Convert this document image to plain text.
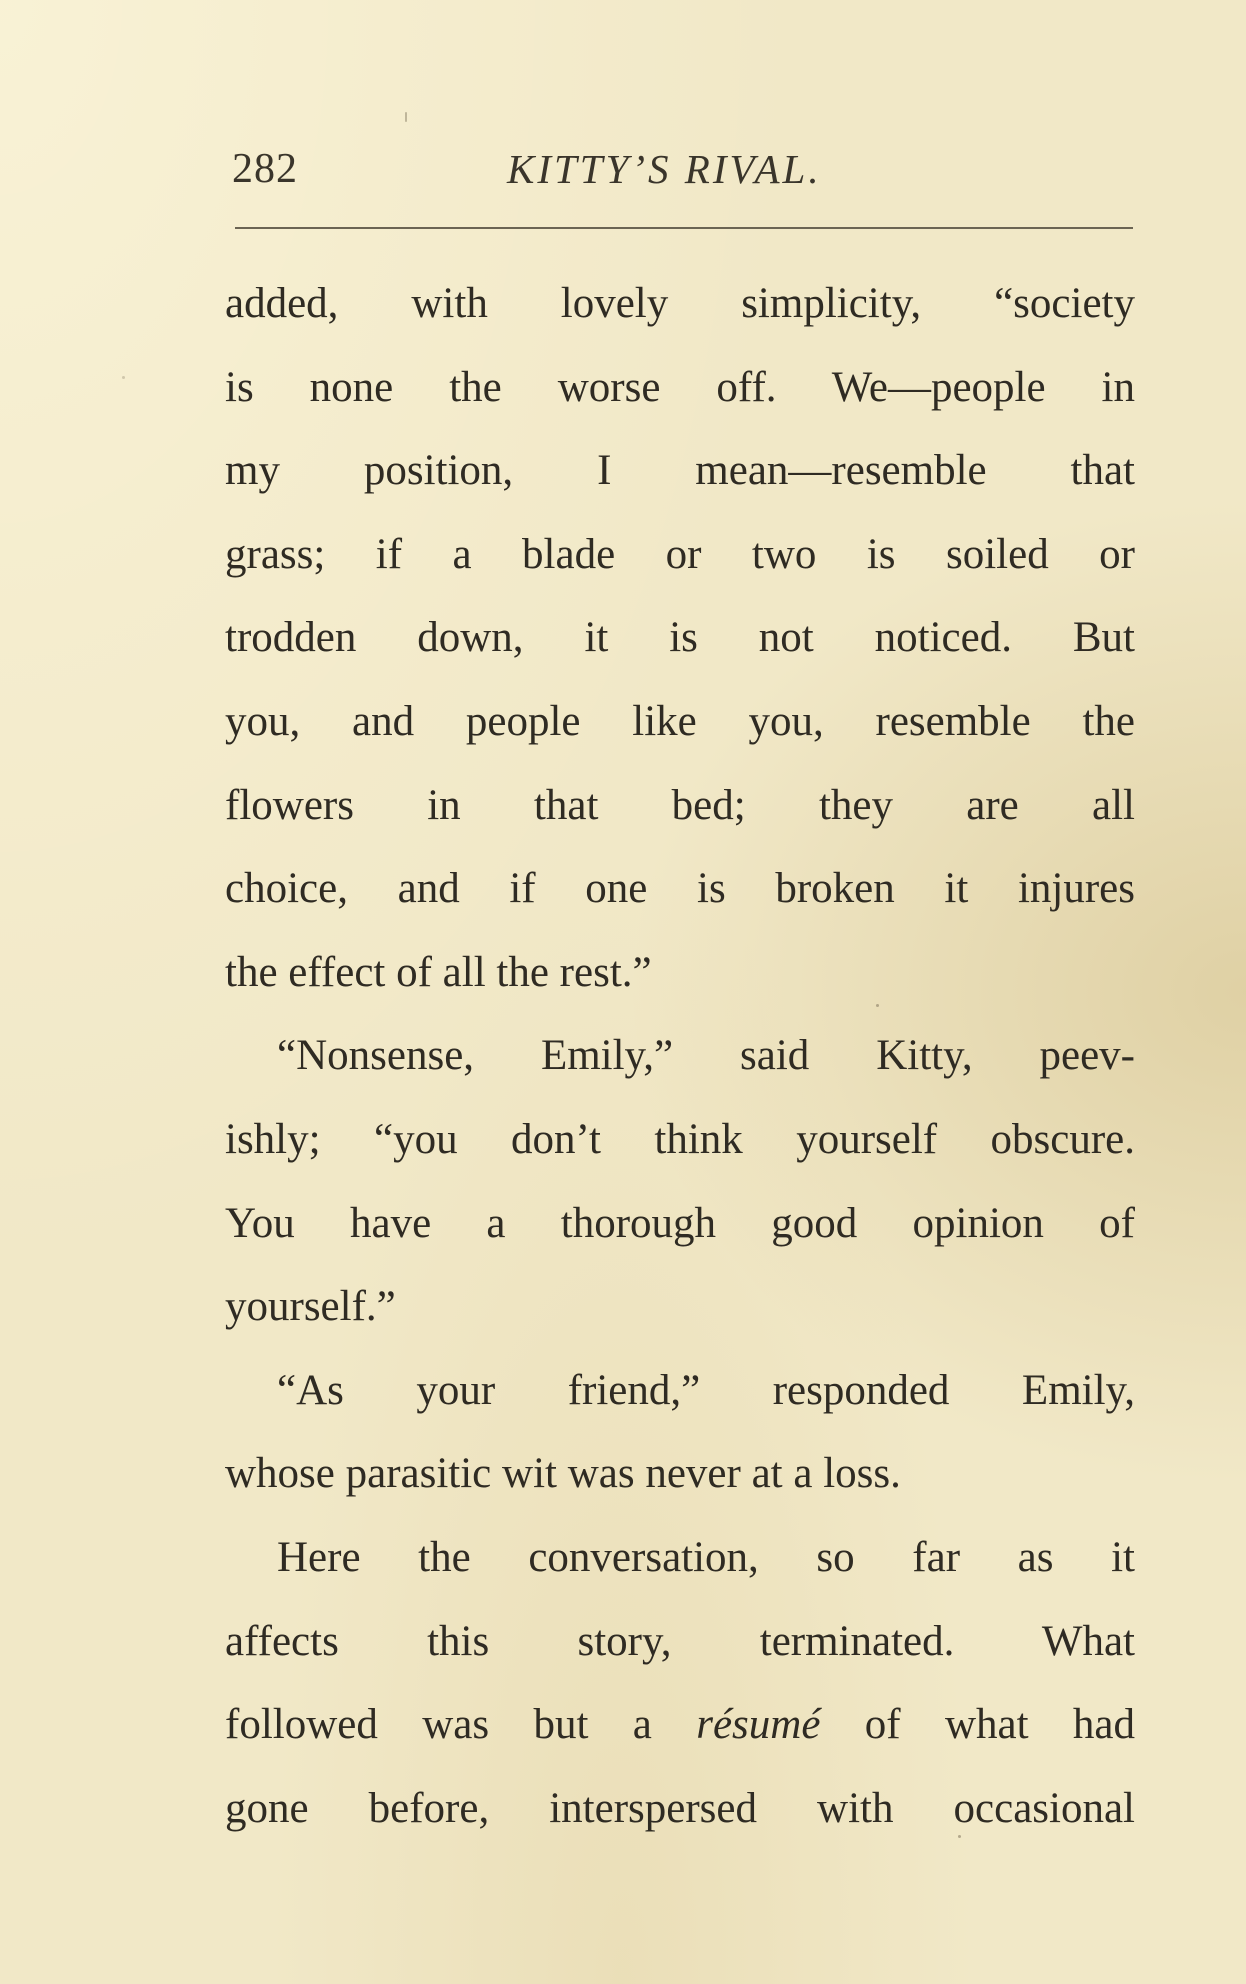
282	KITTY’S RIVAL.
added, with lovely simplicity, “society
is none the worse off. We—people in
my position, I mean—resemble that
grass; if a blade or two is soiled or
trodden down, it is not noticed. But
you, and people like you, resemble the
flowers in that bed; they are all
choice, and if one is broken it injures
the effect of all the rest.”
“Nonsense, Emily,” said Kitty, peev-
ishly; “you don’t think yourself obscure.
You have a thorough good opinion of
yourself.”
“As your friend,” responded Emily,
whose parasitic wit was never at a loss.
Here the conversation, so far as it
affects this story, terminated. What
followed was but a résumé of what had
gone before, interspersed with occasional
